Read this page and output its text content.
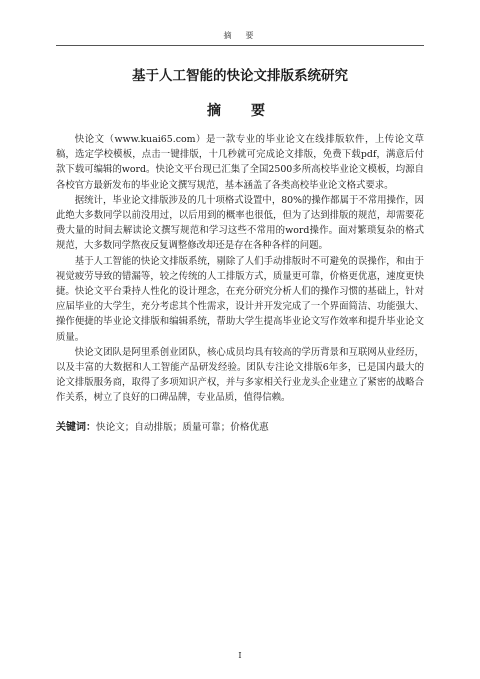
摘　要
基于人工智能的快论文排版系统研究
摘　要

快论文（www.kuai65.com）是一款专业的毕业论文在线排版软件，上传论文草稿，选定学校模板，点击一键排版，十几秒就可完成论文排版，免费下载pdf，满意后付款下载可编辑的word。快论文平台现已汇集了全国2500多所高校毕业论文模板，均源自各校官方最新发布的毕业论文撰写规范，基本涵盖了各类高校毕业论文格式要求。

据统计，毕业论文排版涉及的几十项格式设置中，80%的操作都属于不常用操作，因此绝大多数同学以前没用过，以后用到的概率也很低，但为了达到排版的规范，却需要花费大量的时间去解读论文撰写规范和学习这些不常用的word操作。面对繁琐复杂的格式规范，大多数同学熬夜反复调整修改却还是存在各种各样的问题。

基于人工智能的快论文排版系统，剔除了人们手动排版时不可避免的误操作，和由于视觉疲劳导致的错漏等，较之传统的人工排版方式，质量更可靠，价格更优惠，速度更快捷。快论文平台秉持人性化的设计理念，在充分研究分析人们的操作习惯的基础上，针对应届毕业的大学生，充分考虑其个性需求，设计并开发完成了一个界面简洁、功能强大、操作便捷的毕业论文排版和编辑系统，帮助大学生提高毕业论文写作效率和提升毕业论文质量。

快论文团队是阿里系创业团队，核心成员均具有较高的学历背景和互联网从业经历，以及丰富的大数据和人工智能产品研发经验。团队专注论文排版6年多，已是国内最大的论文排版服务商，取得了多项知识产权，并与多家相关行业龙头企业建立了紧密的战略合作关系，树立了良好的口碑品牌，专业品质，值得信赖。

关键词：快论文；自动排版；质量可靠；价格优惠

I
